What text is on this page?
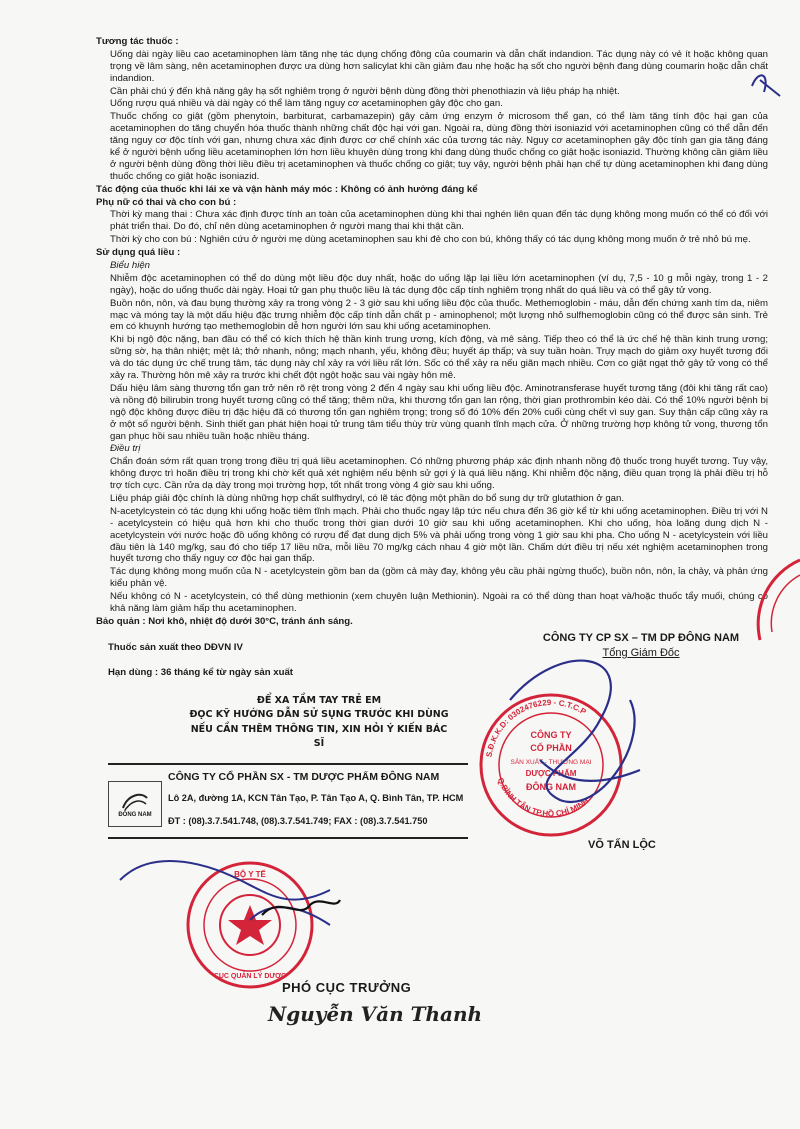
Tương tác thuốc :

Uống dài ngày liều cao acetaminophen làm tăng nhẹ tác dụng chống đông của coumarin và dẫn chất indandion. Tác dụng này có vẻ ít hoặc không quan trọng về lâm sàng, nên acetaminophen được ưa dùng hơn salicylat khi cần giảm đau nhẹ hoặc hạ sốt cho người bệnh đang dùng coumarin hoặc dẫn chất indandion.

Cần phải chú ý đến khả năng gây hạ sốt nghiêm trọng ở người bệnh dùng đồng thời phenothiazin và liệu pháp hạ nhiệt.

Uống rượu quá nhiều và dài ngày có thể làm tăng nguy cơ acetaminophen gây độc cho gan.

Thuốc chống co giật (gồm phenytoin, barbiturat, carbamazepin) gây cảm ứng enzym ở microsom thể gan, có thể làm tăng tính độc hại gan của acetaminophen do tăng chuyển hóa thuốc thành những chất độc hại với gan. Ngoài ra, dùng đồng thời isoniazid với acetaminophen cũng có thể dẫn đến tăng nguy cơ độc tính với gan, nhưng chưa xác định được cơ chế chính xác của tương tác này. Nguy cơ acetaminophen gây độc tính gan gia tăng đáng kể ở người bệnh uống liều acetaminophen lớn hơn liều khuyên dùng trong khi đang dùng thuốc chống co giật hoặc isoniazid. Thường không cần giảm liều ở người bệnh dùng đồng thời liều điều trị acetaminophen và thuốc chống co giật; tuy vậy, người bệnh phải hạn chế tự dùng acetaminophen khi đang dùng thuốc chống co giật hoặc isoniazid.

Tác động của thuốc khi lái xe và vận hành máy móc : Không có ảnh hưởng đáng kể

Phụ nữ có thai và cho con bú :

Thời kỳ mang thai : Chưa xác định được tính an toàn của acetaminophen dùng khi thai nghén liên quan đến tác dụng không mong muốn có thể có đối với phát triển thai. Do đó, chỉ nên dùng acetaminophen ở người mang thai khi thật cần.

Thời kỳ cho con bú : Nghiên cứu ở người mẹ dùng acetaminophen sau khi đẻ cho con bú, không thấy có tác dụng không mong muốn ở trẻ nhỏ bú mẹ.

Sử dụng quá liều :

Biểu hiện

Nhiễm độc acetaminophen có thể do dùng một liều độc duy nhất, hoặc do uống lặp lại liều lớn acetaminophen (ví dụ, 7,5 - 10 g mỗi ngày, trong 1 - 2 ngày), hoặc do uống thuốc dài ngày. Hoại tử gan phụ thuộc liều là tác dụng độc cấp tính nghiêm trọng nhất do quá liều và có thể gây tử vong.

Buồn nôn, nôn, và đau bụng thường xảy ra trong vòng 2 - 3 giờ sau khi uống liều độc của thuốc. Methemoglobin - máu, dẫn đến chứng xanh tím da, niêm mạc và móng tay là một dấu hiệu đặc trưng nhiễm độc cấp tính dẫn chất p - aminophenol; một lượng nhỏ sulfhemoglobin cũng có thể được sản sinh. Trẻ em có khuynh hướng tạo methemoglobin dễ hơn người lớn sau khi uống acetaminophen.

Khi bị ngộ độc nặng, ban đầu có thể có kích thích hệ thần kinh trung ương, kích động, và mê sảng. Tiếp theo có thể là ức chế hệ thần kinh trung ương; sững sờ, hạ thân nhiệt; mệt lả; thở nhanh, nông; mạch nhanh, yếu, không đều; huyết áp thấp; và suy tuần hoàn. Trụy mạch do giảm oxy huyết tương đối và do tác dụng ức chế trung tâm, tác dụng này chỉ xảy ra với liều rất lớn. Sốc có thể xảy ra nếu giãn mạch nhiều. Cơn co giật ngạt thở gây tử vong có thể xảy ra. Thường hôn mê xảy ra trước khi chết đột ngột hoặc sau vài ngày hôn mê.

Dấu hiệu lâm sàng thương tổn gan trở nên rõ rệt trong vòng 2 đến 4 ngày sau khi uống liều độc. Aminotransferase huyết tương tăng (đôi khi tăng rất cao) và nồng độ bilirubin trong huyết tương cũng có thể tăng; thêm nữa, khi thương tổn gan lan rộng, thời gian prothrombin kéo dài. Có thể 10% người bệnh bị ngộ độc không được điều trị đặc hiệu đã có thương tổn gan nghiêm trọng; trong số đó 10% đến 20% cuối cùng chết vì suy gan. Suy thận cấp cũng xảy ra ở một số người bệnh. Sinh thiết gan phát hiện hoại tử trung tâm tiểu thùy trừ vùng quanh tĩnh mạch cửa. Ở những trường hợp không tử vong, thương tổn gan phục hồi sau nhiều tuần hoặc nhiều tháng.

Điều trị

Chẩn đoán sớm rất quan trọng trong điều trị quá liều acetaminophen. Có những phương pháp xác định nhanh nồng độ thuốc trong huyết tương. Tuy vậy, không được trì hoãn điều trị trong khi chờ kết quả xét nghiệm nếu bệnh sử gợi ý là quá liều nặng. Khi nhiễm độc nặng, điều quan trọng là phải điều trị hỗ trợ tích cực. Cần rửa dạ dày trong mọi trường hợp, tốt nhất trong vòng 4 giờ sau khi uống.

Liệu pháp giải độc chính là dùng những hợp chất sulfhydryl, có lẽ tác động một phần do bổ sung dự trữ glutathion ở gan.

N-acetylcystein có tác dụng khi uống hoặc tiêm tĩnh mạch. Phải cho thuốc ngay lập tức nếu chưa đến 36 giờ kể từ khi uống acetaminophen. Điều trị với N - acetylcystein có hiệu quả hơn khi cho thuốc trong thời gian dưới 10 giờ sau khi uống acetaminophen. Khi cho uống, hòa loãng dung dịch N - acetylcystein với nước hoặc đồ uống không có rượu để đạt dung dịch 5% và phải uống trong vòng 1 giờ sau khi pha. Cho uống N - acetylcystein với liều đầu tiên là 140 mg/kg, sau đó cho tiếp 17 liều nữa, mỗi liều 70 mg/kg cách nhau 4 giờ một lần. Chấm dứt điều trị nếu xét nghiệm acetaminophen trong huyết tương cho thấy nguy cơ độc hại gan thấp.

Tác dụng không mong muốn của N - acetylcystein gồm ban da (gồm cả mày đay, không yêu cầu phải ngừng thuốc), buồn nôn, nôn, ỉa chảy, và phản ứng kiểu phản vệ.

Nếu không có N - acetylcystein, có thể dùng methionin (xem chuyên luận Methionin). Ngoài ra có thể dùng than hoạt và/hoặc thuốc tẩy muối, chúng có khả năng làm giảm hấp thu acetaminophen.

Bảo quản : Nơi khô, nhiệt độ dưới 30°C, tránh ánh sáng.

Thuốc sản xuất theo DĐVN IV
Hạn dùng : 36 tháng kể từ ngày sản xuất
CÔNG TY CP SX – TM DP ĐÔNG NAM
Tổng Giám Đốc
ĐỂ XA TẦM TAY TRẺ EM
ĐỌC KỸ HƯỚNG DẪN SỬ SỤNG TRƯỚC KHI DÙNG
NẾU CẦN THÊM THÔNG TIN, XIN HỎI Ý KIẾN BÁC SĨ
ĐÔNG NAM
CÔNG TY CỔ PHẦN SX - TM DƯỢC PHẨM ĐÔNG NAM
Lô 2A, đường 1A, KCN Tân Tạo, P. Tân Tạo A, Q. Bình Tân, TP. HCM
ĐT : (08).3.7.541.748, (08).3.7.541.749; FAX : (08).3.7.541.750
VÕ TẤN LỘC
PHÓ CỤC TRƯỞNG
Nguyễn Văn Thanh
CÔNG TY
CỔ PHẦN
SẢN XUẤT - THƯƠNG MẠI
DƯỢC PHẨM
ĐÔNG NAM
S.Đ.K.K.D: 0302476229 - C.T.C.P
Q.BÌNH TÂN TP.HỒ CHÍ MINH
BỘ Y TẾ
CỤC QUẢN LÝ DƯỢC
